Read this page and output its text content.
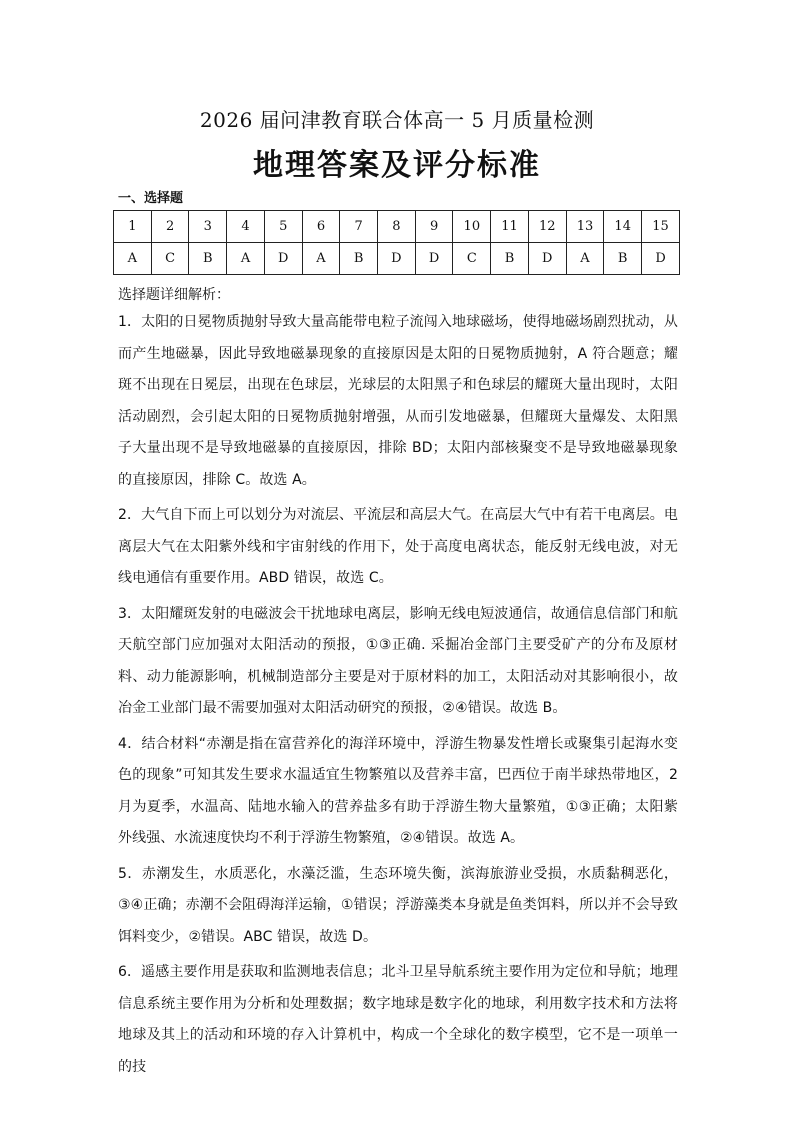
2026 届问津教育联合体高一 5 月质量检测
地理答案及评分标准
一、选择题
1	2	3	4	5	6	7	8	9	10	11	12	13	14	15
A	C	B	A	D	A	B	D	D	C	B	D	A	B	D
选择题详细解析：

1．太阳的日冕物质抛射导致大量高能带电粒子流闯入地球磁场，使得地磁场剧烈扰动，从而产生地磁暴，因此导致地磁暴现象的直接原因是太阳的日冕物质抛射，A 符合题意；耀斑不出现在日冕层，出现在色球层，光球层的太阳黑子和色球层的耀斑大量出现时，太阳活动剧烈，会引起太阳的日冕物质抛射增强，从而引发地磁暴，但耀斑大量爆发、太阳黑子大量出现不是导致地磁暴的直接原因，排除 BD；太阳内部核聚变不是导致地磁暴现象的直接原因，排除 C。故选 A。

2．大气自下而上可以划分为对流层、平流层和高层大气。在高层大气中有若干电离层。电离层大气在太阳紫外线和宇宙射线的作用下，处于高度电离状态，能反射无线电波，对无线电通信有重要作用。ABD 错误，故选 C。

3．太阳耀斑发射的电磁波会干扰地球电离层，影响无线电短波通信，故通信息信部门和航天航空部门应加强对太阳活动的预报，①③正确. 采掘冶金部门主要受矿产的分布及原材料、动力能源影响，机械制造部分主要是对于原材料的加工，太阳活动对其影响很小，故冶金工业部门最不需要加强对太阳活动研究的预报，②④错误。故选 B。

4．结合材料“赤潮是指在富营养化的海洋环境中，浮游生物暴发性增长或聚集引起海水变色的现象”可知其发生要求水温适宜生物繁殖以及营养丰富，巴西位于南半球热带地区，2 月为夏季，水温高、陆地水输入的营养盐多有助于浮游生物大量繁殖，①③正确；太阳紫外线强、水流速度快均不利于浮游生物繁殖，②④错误。故选 A。

5．赤潮发生，水质恶化，水藻泛滥，生态环境失衡，滨海旅游业受损，水质黏稠恶化，③④正确；赤潮不会阻碍海洋运输，①错误；浮游藻类本身就是鱼类饵料，所以并不会导致饵料变少，②错误。ABC 错误，故选 D。

6．遥感主要作用是获取和监测地表信息；北斗卫星导航系统主要作用为定位和导航；地理信息系统主要作用为分析和处理数据；数字地球是数字化的地球，利用数字技术和方法将地球及其上的活动和环境的存入计算机中，构成一个全球化的数字模型，它不是一项单一的技
